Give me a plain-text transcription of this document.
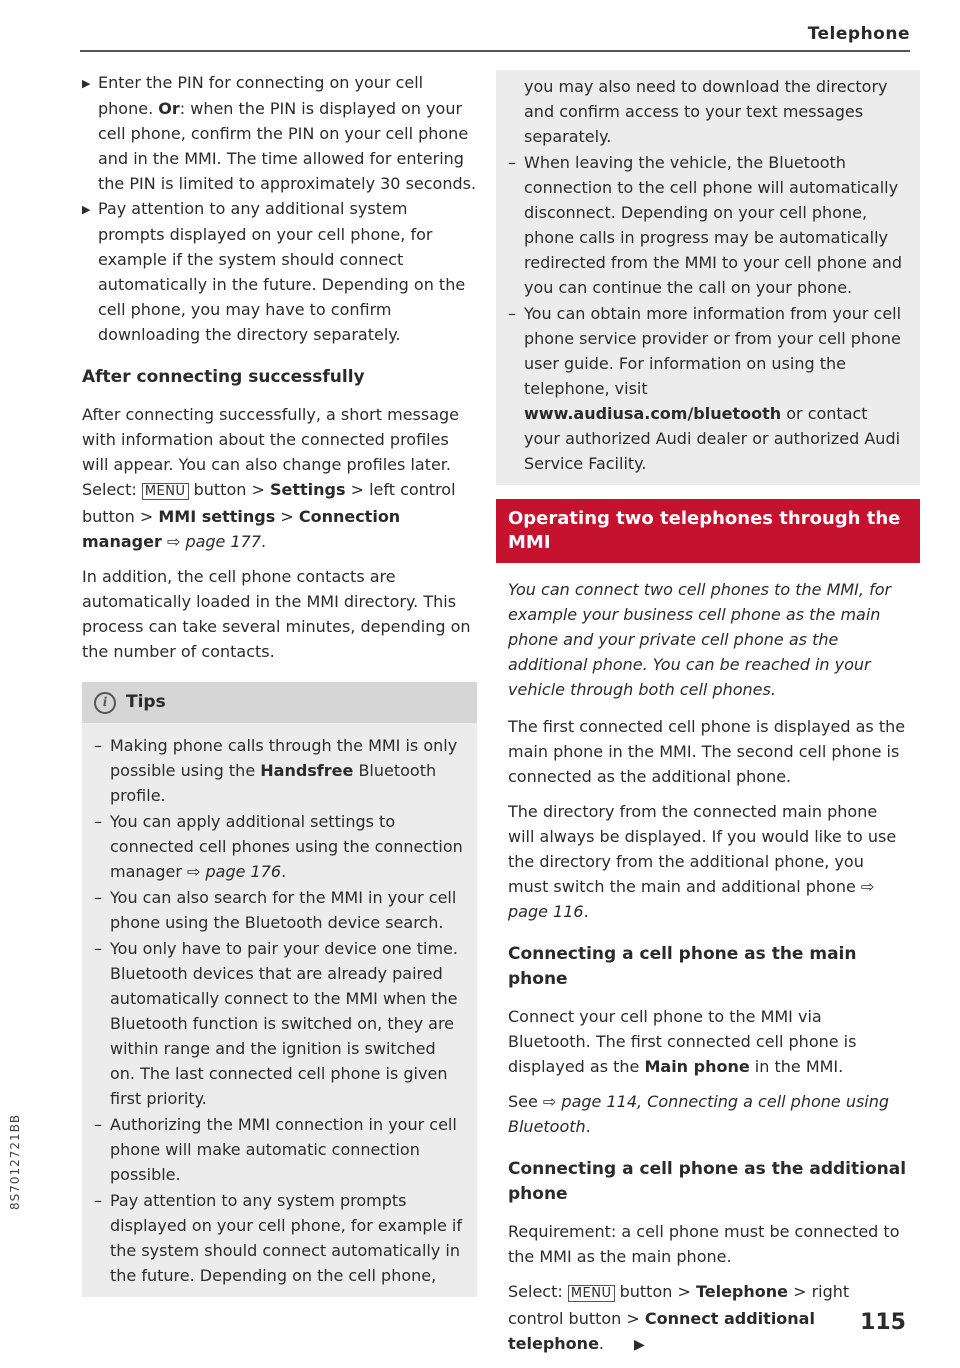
Telephone

▶ Enter the PIN for connecting on your cell phone. Or: when the PIN is displayed on your cell phone, confirm the PIN on your cell phone and in the MMI. The time allowed for entering the PIN is limited to approximately 30 seconds.

▶ Pay attention to any additional system prompts displayed on your cell phone, for example if the system should connect automatically in the future. Depending on the cell phone, you may have to confirm downloading the directory separately.

After connecting successfully

After connecting successfully, a short message with information about the connected profiles will appear. You can also change profiles later. Select: MENU button > Settings > left control button > MMI settings > Connection manager ⇨ page 177.

In addition, the cell phone contacts are automatically loaded in the MMI directory. This process can take several minutes, depending on the number of contacts.

i	Tips

– Making phone calls through the MMI is only possible using the Handsfree Bluetooth profile.

– You can apply additional settings to connected cell phones using the connection manager ⇨ page 176.

– You can also search for the MMI in your cell phone using the Bluetooth device search.

– You only have to pair your device one time. Bluetooth devices that are already paired automatically connect to the MMI when the Bluetooth function is switched on, they are within range and the ignition is switched on. The last connected cell phone is given first priority.

– Authorizing the MMI connection in your cell phone will make automatic connection possible.

– Pay attention to any system prompts displayed on your cell phone, for example if the system should connect automatically in the future. Depending on the cell phone,

you may also need to download the directory and confirm access to your text messages separately.

– When leaving the vehicle, the Bluetooth connection to the cell phone will automatically disconnect. Depending on your cell phone, phone calls in progress may be automatically redirected from the MMI to your cell phone and you can continue the call on your phone.

– You can obtain more information from your cell phone service provider or from your cell phone user guide. For information on using the telephone, visit www.audiusa.com/bluetooth or contact your authorized Audi dealer or authorized Audi Service Facility.

Operating two telephones through the MMI

You can connect two cell phones to the MMI, for example your business cell phone as the main phone and your private cell phone as the additional phone. You can be reached in your vehicle through both cell phones.

The first connected cell phone is displayed as the main phone in the MMI. The second cell phone is connected as the additional phone.

The directory from the connected main phone will always be displayed. If you would like to use the directory from the additional phone, you must switch the main and additional phone ⇨ page 116.

Connecting a cell phone as the main phone

Connect your cell phone to the MMI via Bluetooth. The first connected cell phone is displayed as the Main phone in the MMI.

See ⇨ page 114, Connecting a cell phone using Bluetooth.

Connecting a cell phone as the additional phone

Requirement: a cell phone must be connected to the MMI as the main phone.

Select: MENU button > Telephone > right control button > Connect additional telephone. ▶

8S7012721BB
115
